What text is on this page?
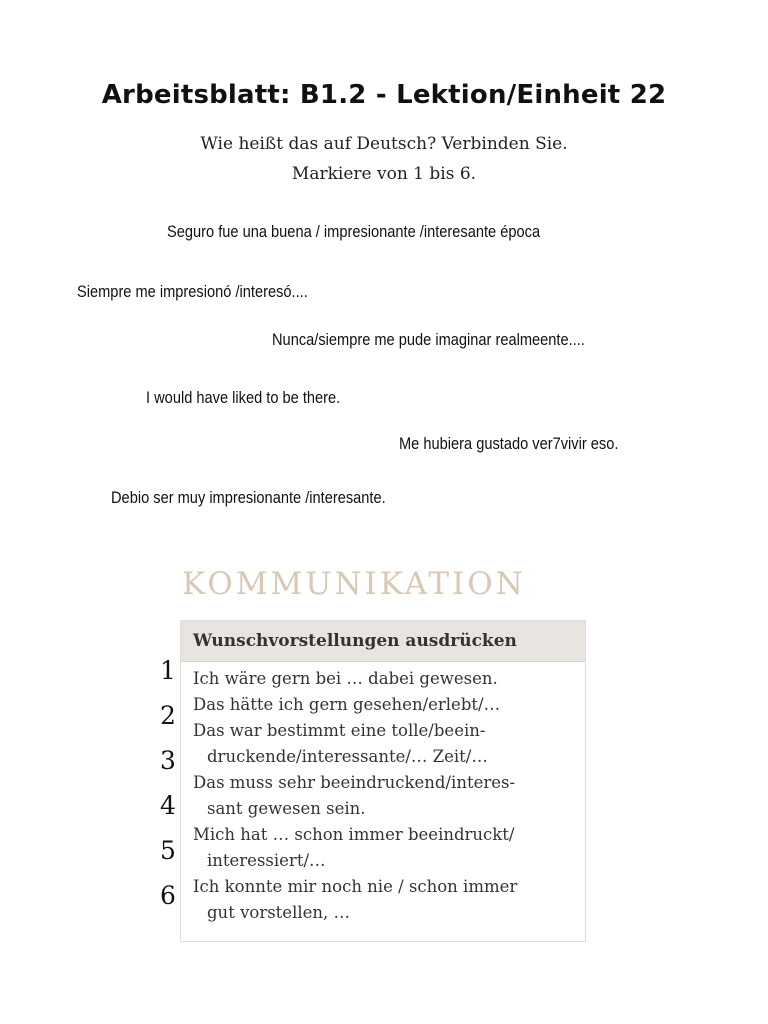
Arbeitsblatt: B1.2 - Lektion/Einheit 22
Wie heißt das auf Deutsch? Verbinden Sie.
Markiere von 1 bis 6.
Seguro fue una buena / impresionante /interesante época
Siempre me impresionó /interesó....
Nunca/siempre me pude imaginar realmeente....
I would have liked to be there.
Me hubiera gustado ver7vivir eso.
Debio ser muy impresionante /interesante.
KOMMUNIKATION
1
2
3
4
5
6
Wunschvorstellungen ausdrücken
Ich wäre gern bei … dabei gewesen.
Das hätte ich gern gesehen/erlebt/…
Das war bestimmt eine tolle/beein-
druckende/interessante/… Zeit/…
Das muss sehr beeindruckend/interes-
sant gewesen sein.
Mich hat … schon immer beeindruckt/
interessiert/…
Ich konnte mir noch nie / schon immer
gut vorstellen, …
